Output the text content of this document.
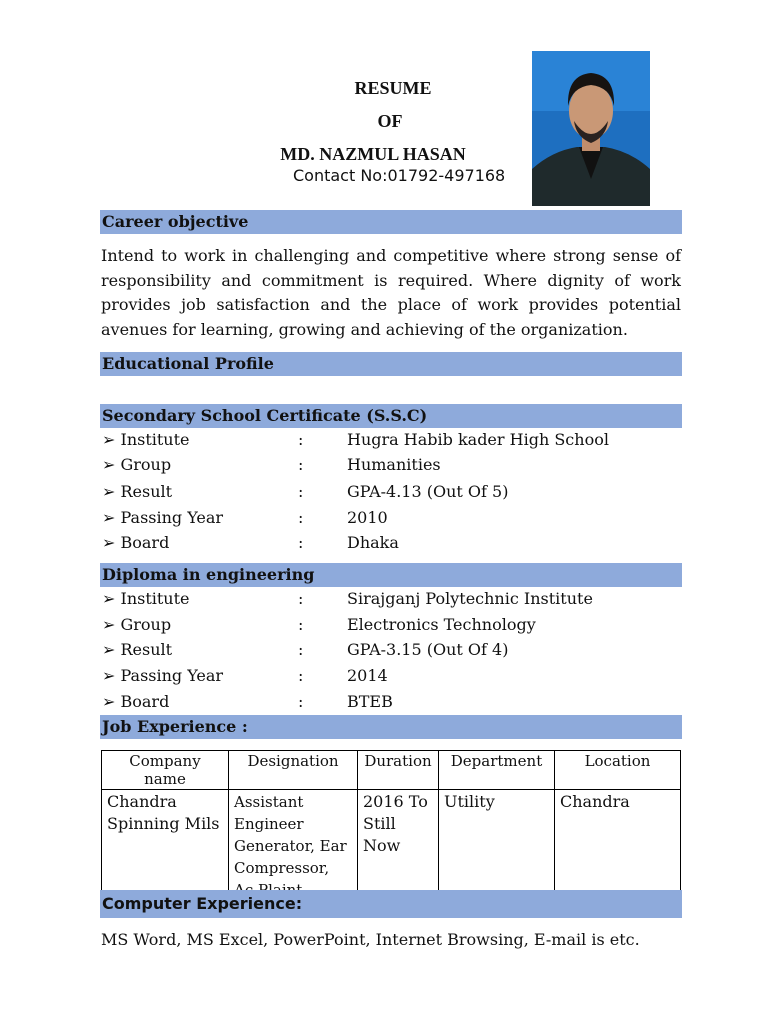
RESUME
OF
MD. NAZMUL HASAN
Contact No:01792-497168
Career objective
Intend to work in challenging and competitive where strong sense of responsibility and commitment is required. Where dignity of work provides job satisfaction and the place of work provides potential avenues for learning, growing and achieving of the organization.
Educational Profile
Secondary School Certificate (S.S.C)
➢ Institute	:	Hugra Habib kader High School
➢ Group	:	Humanities
➢ Result	:	GPA-4.13 (Out Of 5)
➢ Passing Year	:	2010
➢ Board	:	Dhaka
Diploma in engineering
➢ Institute	:	Sirajganj Polytechnic Institute
➢ Group	:	Electronics Technology
➢ Result	:	GPA-3.15 (Out Of 4)
➢ Passing Year	:	2014
➢ Board	:	BTEB
Job Experience :
Company name	Designation	Duration	Department	Location
Chandra Spinning Mils	Assistant Engineer Generator, Ear Compressor,	2016 To Still Now	Utility	Chandra
Computer Experience:
MS Word, MS Excel, PowerPoint, Internet Browsing, E-mail is etc.
